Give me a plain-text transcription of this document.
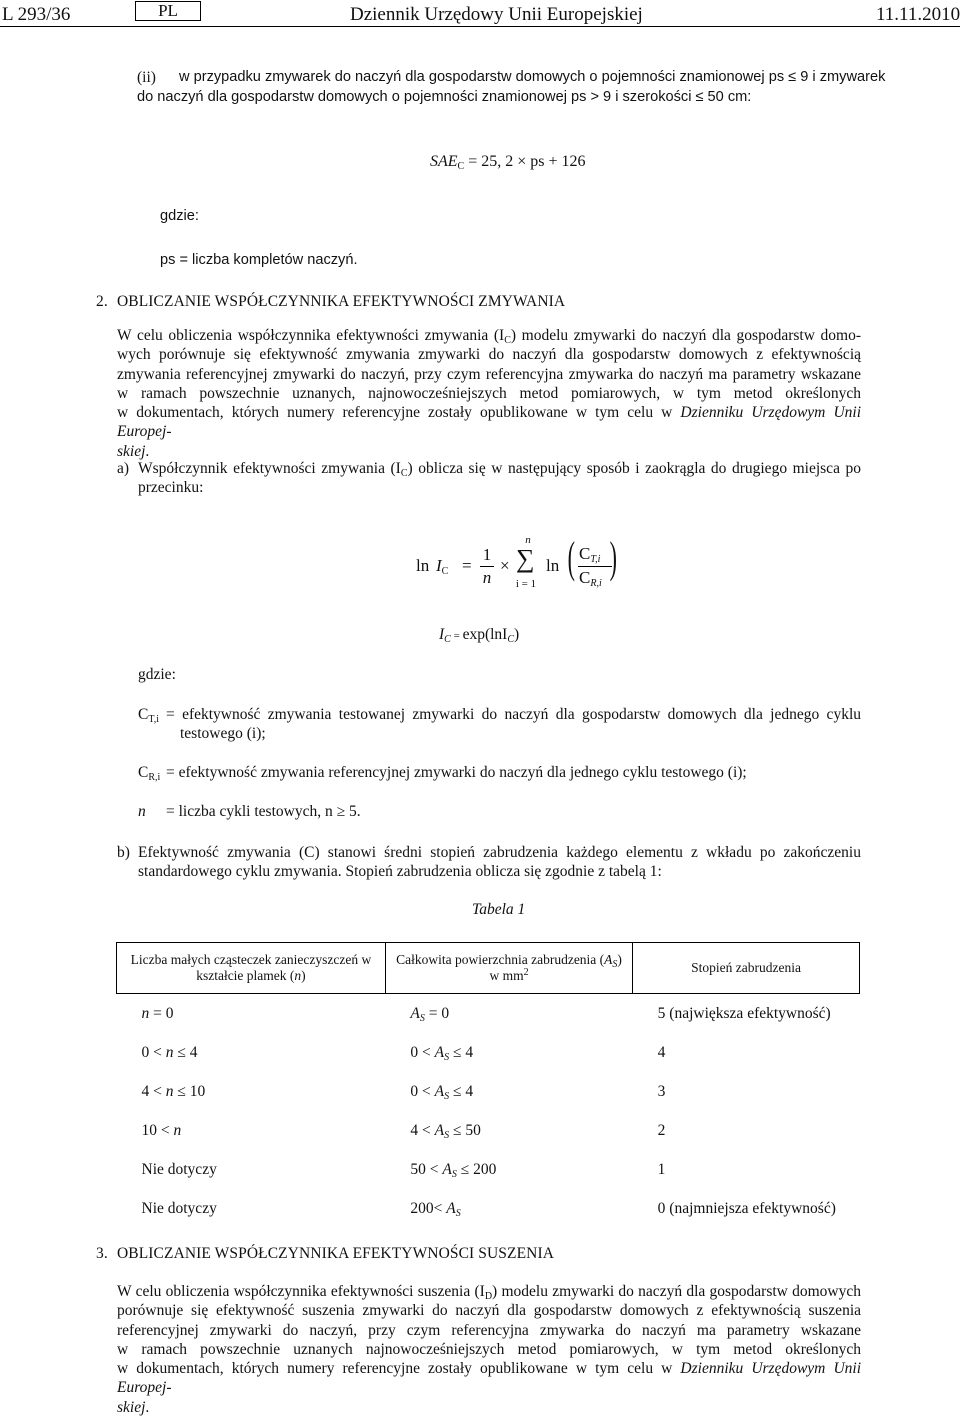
L 293/36	PL	Dziennik Urzędowy Unii Europejskiej	11.11.2010
(ii) w przypadku zmywarek do naczyń dla gospodarstw domowych o pojemności znamionowej ps ≤ 9 i zmywarek
do naczyń dla gospodarstw domowych o pojemności znamionowej ps > 9 i szerokości ≤ 50 cm:
$SAE_C = 25$, 2 × ps + 126
gdzie:
ps = liczba kompletów naczyń.
2. OBLICZANIE WSPÓŁCZYNNIKA EFEKTYWNOŚCI ZMYWANIA
W celu obliczenia współczynnika efektywności zmywania $(I_C)$ modelu zmywarki do naczyń dla gospodarstw domo-
wych porównuje się efektywność zmywania zmywarki do naczyń dla gospodarstw domowych z efektywnością
zmywania referencyjnej zmywarki do naczyń, przy czym referencyjna zmywarka do naczyń ma parametry wskazane
w ramach powszechnie uznanych, najnowocześniejszych metod pomiarowych, w tym metod określonych
w dokumentach, których numery referencyjne zostały opublikowane w tym celu w Dzienniku Urzędowym Unii Europej-
skiej.
a) Współczynnik efektywności zmywania $(I_C)$ oblicza się w następujący sposób i zaokrągla do drugiego miejsca po
przecinku:
$\ln I_C$ =
1
n
×
n
∑
i = 1
ln ( $C_{T,i}$
$C_{R,i}$
)
$I_C = \exp(\ln I_C)$
gdzie:
$C_{T,i}$ = efektywność zmywania testowanej zmywarki do naczyń dla gospodarstw domowych dla jednego cyklu
testowego (i);
$C_{R,i}$ = efektywność zmywania referencyjnej zmywarki do naczyń dla jednego cyklu testowego (i);
n = liczba cykli testowych, n ≥ 5.
b) Efektywność zmywania (C) stanowi średni stopień zabrudzenia każdego elementu z wkładu po zakończeniu
standardowego cyklu zmywania. Stopień zabrudzenia oblicza się zgodnie z tabelą 1:
Tabela 1
Liczba małych cząsteczek zanieczyszczeń w kształcie plamek (n)	Całkowita powierzchnia zabrudzenia $(A_S)$ w $mm^2$	Stopień zabrudzenia
n = 0	$A_S = 0$	5 (największa efektywność)
0 < n ≤ 4	$0 < A_S \le 4$	4
4 < n ≤ 10	$0 < A_S \le 4$	3
10 < n	$4 < A_S \le 50$	2
Nie dotyczy	$50 < A_S \le 200$	1
Nie dotyczy	$200< A_S$	0 (najmniejsza efektywność)
3. OBLICZANIE WSPÓŁCZYNNIKA EFEKTYWNOŚCI SUSZENIA
W celu obliczenia współczynnika efektywności suszenia $(I_D)$ modelu zmywarki do naczyń dla gospodarstw domowych
porównuje się efektywność suszenia zmywarki do naczyń dla gospodarstw domowych z efektywnością suszenia
referencyjnej zmywarki do naczyń, przy czym referencyjna zmywarka do naczyń ma parametry wskazane
w ramach powszechnie uznanych najnowocześniejszych metod pomiarowych, w tym metod określonych
w dokumentach, których numery referencyjne zostały opublikowane w tym celu w Dzienniku Urzędowym Unii Europej-
skiej.
